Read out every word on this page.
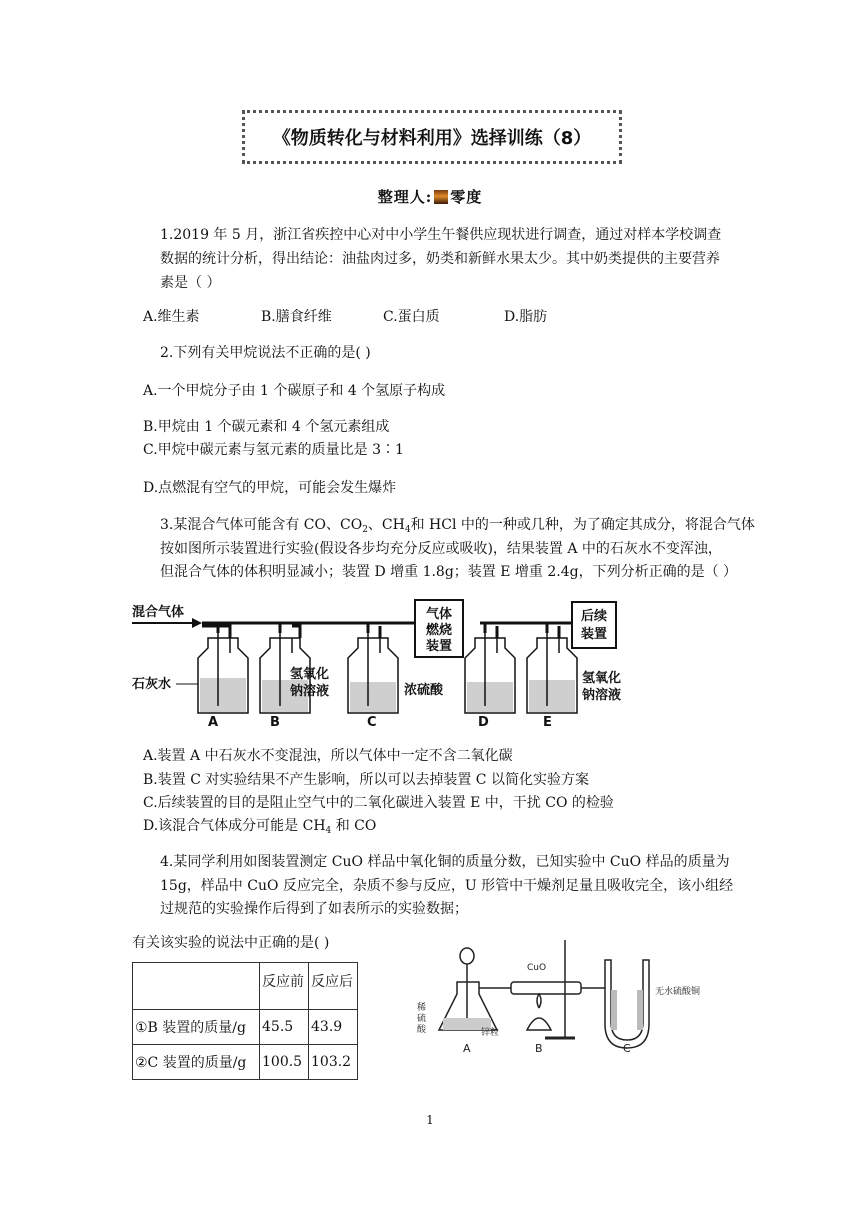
《物质转化与材料利用》选择训练（8）
整理人: 零度
1.2019 年 5 月，浙江省疾控中心对中小学生午餐供应现状进行调查，通过对样本学校调查
数据的统计分析，得出结论：油盐肉过多，奶类和新鲜水果太少。其中奶类提供的主要营养
素是（ ）
A.维生素	B.膳食纤维	C.蛋白质	D.脂肪
2.下列有关甲烷说法不正确的是( )
A.一个甲烷分子由 1 个碳原子和 4 个氢原子构成
B.甲烷由 1 个碳元素和 4 个氢元素组成
C.甲烷中碳元素与氢元素的质量比是 3∶1
D.点燃混有空气的甲烷，可能会发生爆炸
3.某混合气体可能含有 CO、$CO_2$、$CH_4$和 HCl 中的一种或几种，为了确定其成分，将混合气体
按如图所示装置进行实验(假设各步均充分反应或吸收)，结果装置 A 中的石灰水不变浑浊，
但混合气体的体积明显减小；装置 D 增重 1.8g；装置 E 增重 2.4g，下列分析正确的是（ ）
混合气体	气体
燃烧
装置
后续
装置
石灰水
氢氧化
钠溶液	浓硫酸
氢氧化
钠溶液
A	B	C	D	E
A.装置 A 中石灰水不变混浊，所以气体中一定不含二氧化碳
B.装置 C 对实验结果不产生影响，所以可以去掉装置 C 以简化实验方案
C.后续装置的目的是阻止空气中的二氧化碳进入装置 E 中，干扰 CO 的检验
D.该混合气体成分可能是 $CH_4$ 和 CO
4.某同学利用如图装置测定 CuO 样品中氧化铜的质量分数，已知实验中 CuO 样品的质量为
15g，样品中 CuO 反应完全，杂质不参与反应，U 形管中干燥剂足量且吸收完全，该小组经
过规范的实验操作后得到了如表所示的实验数据；
有关该实验的说法中正确的是( )
	反应前	反应后
①B 装置的质量/g	45.5	43.9
②C 装置的质量/g	100.5	103.2
稀
硫
酸	锌粒
CuO
无水硫酸铜
A	B	C
1
